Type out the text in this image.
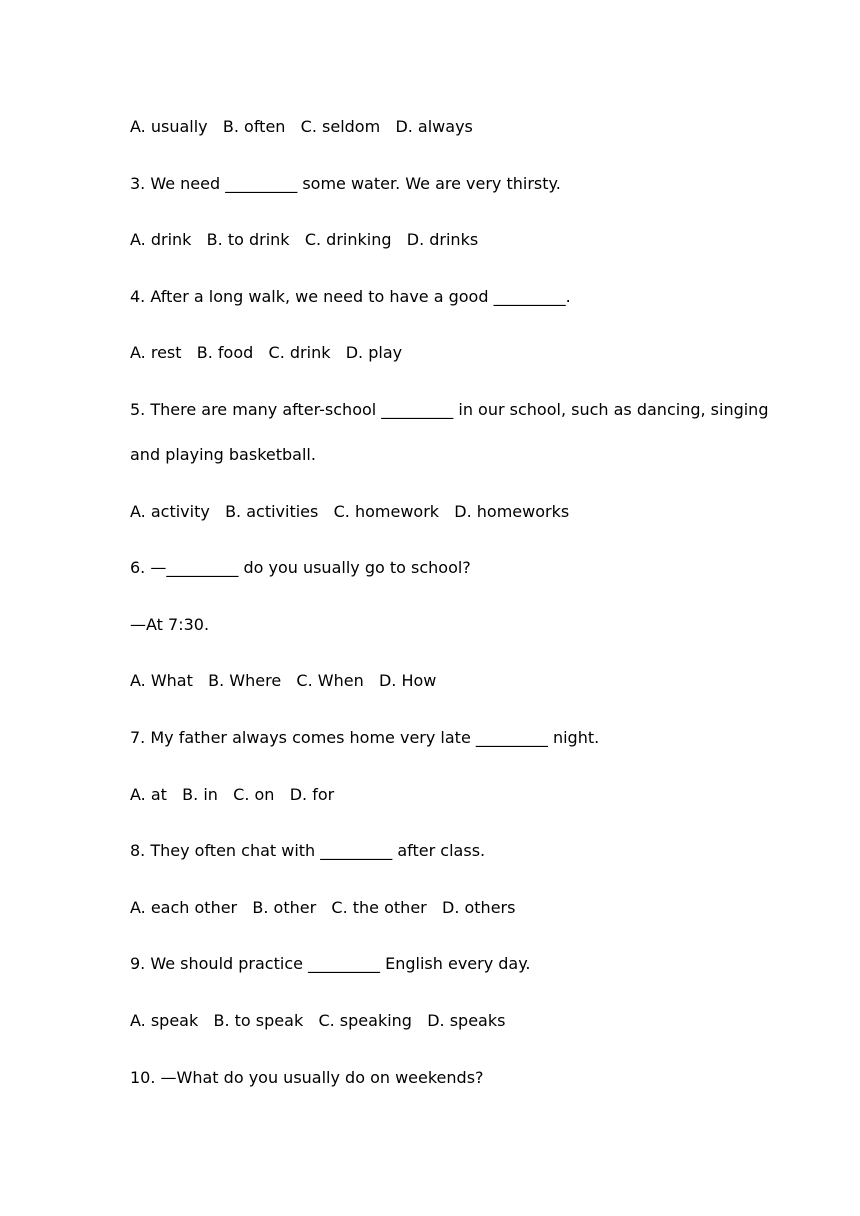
A. usually   B. often   C. seldom   D. always
3. We need _________ some water. We are very thirsty.
A. drink   B. to drink   C. drinking   D. drinks
4. After a long walk, we need to have a good _________.
A. rest   B. food   C. drink   D. play
5. There are many after-school _________ in our school, such as dancing, singing
and playing basketball.
A. activity   B. activities   C. homework   D. homeworks
6. —_________ do you usually go to school?
—At 7:30.
A. What   B. Where   C. When   D. How
7. My father always comes home very late _________ night.
A. at   B. in   C. on   D. for
8. They often chat with _________ after class.
A. each other   B. other   C. the other   D. others
9. We should practice _________ English every day.
A. speak   B. to speak   C. speaking   D. speaks
10. —What do you usually do on weekends?
